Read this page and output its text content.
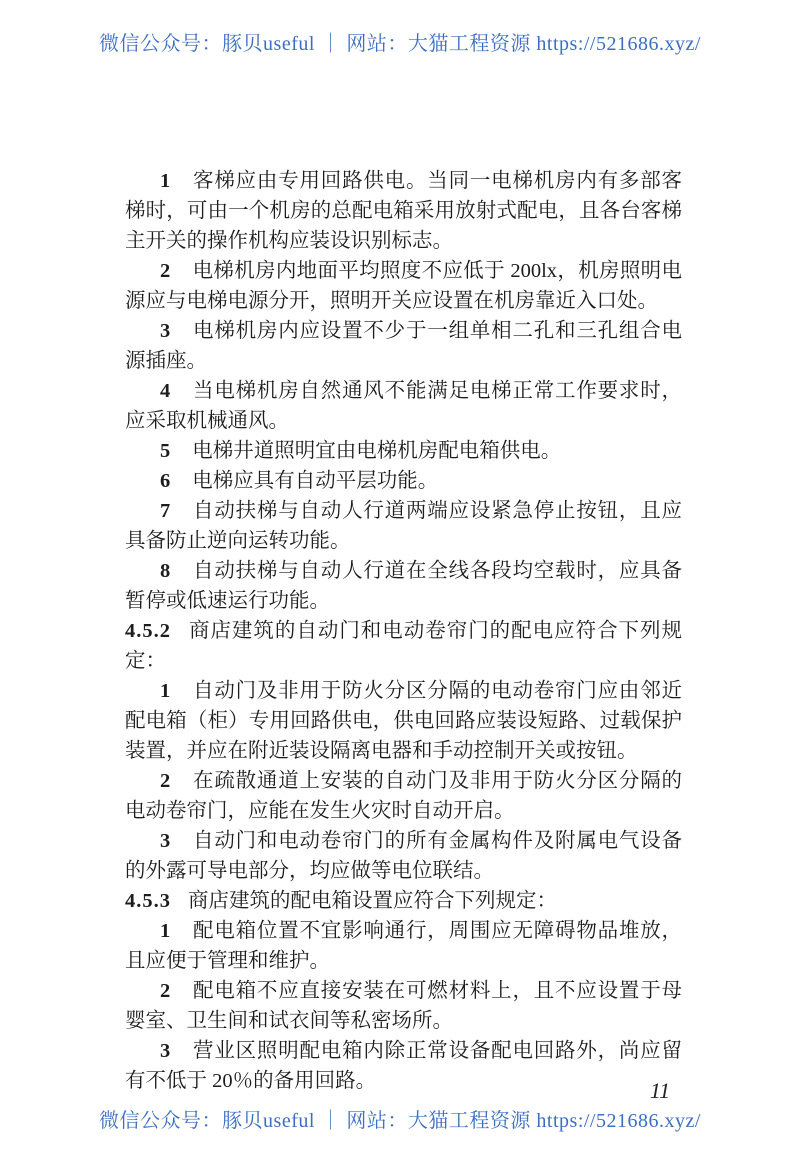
微信公众号：豚贝useful ｜ 网站：大猫工程资源 https://521686.xyz/

1 客梯应由专用回路供电。当同一电梯机房内有多部客梯时，可由一个机房的总配电箱采用放射式配电，且各台客梯主开关的操作机构应装设识别标志。

2 电梯机房内地面平均照度不应低于 200lx，机房照明电源应与电梯电源分开，照明开关应设置在机房靠近入口处。

3 电梯机房内应设置不少于一组单相二孔和三孔组合电源插座。

4 当电梯机房自然通风不能满足电梯正常工作要求时，应采取机械通风。

5 电梯井道照明宜由电梯机房配电箱供电。

6 电梯应具有自动平层功能。

7 自动扶梯与自动人行道两端应设紧急停止按钮，且应具备防止逆向运转功能。

8 自动扶梯与自动人行道在全线各段均空载时，应具备暂停或低速运行功能。

4.5.2 商店建筑的自动门和电动卷帘门的配电应符合下列规定：

1 自动门及非用于防火分区分隔的电动卷帘门应由邻近配电箱（柜）专用回路供电，供电回路应装设短路、过载保护装置，并应在附近装设隔离电器和手动控制开关或按钮。

2 在疏散通道上安装的自动门及非用于防火分区分隔的电动卷帘门，应能在发生火灾时自动开启。

3 自动门和电动卷帘门的所有金属构件及附属电气设备的外露可导电部分，均应做等电位联结。

4.5.3 商店建筑的配电箱设置应符合下列规定：

1 配电箱位置不宜影响通行，周围应无障碍物品堆放，且应便于管理和维护。

2 配电箱不应直接安装在可燃材料上，且不应设置于母婴室、卫生间和试衣间等私密场所。

3 营业区照明配电箱内除正常设备配电回路外，尚应留有不低于 20％的备用回路。	11
微信公众号：豚贝useful ｜ 网站：大猫工程资源 https://521686.xyz/
